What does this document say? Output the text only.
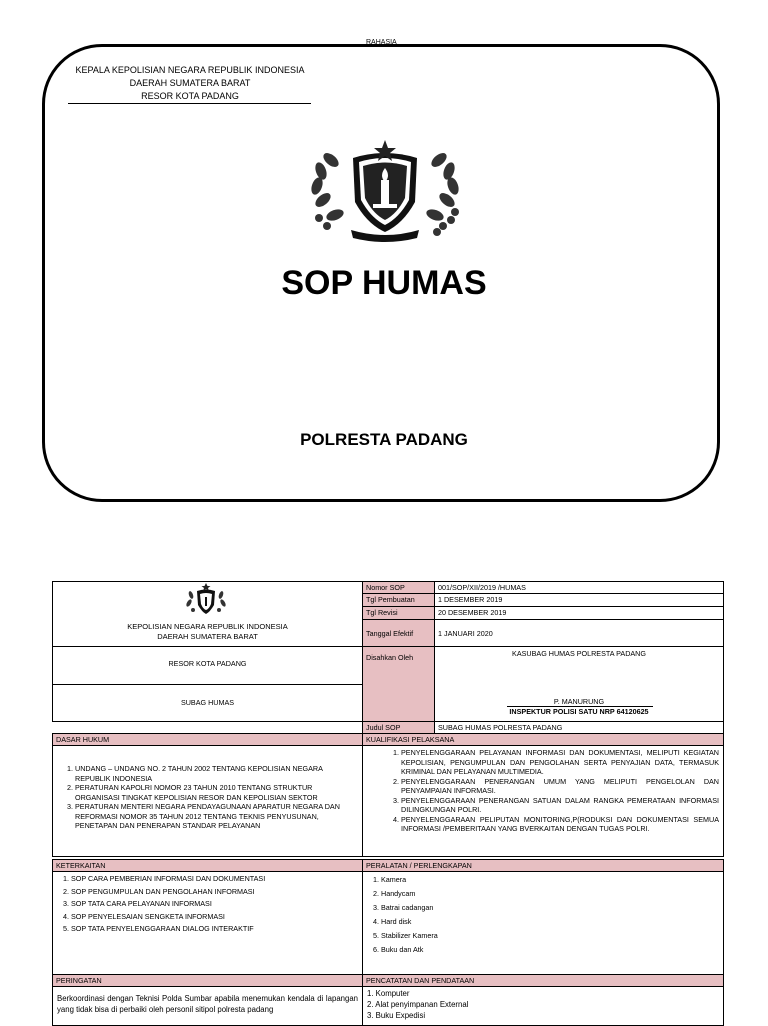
RAHASIA
KEPALA KEPOLISIAN NEGARA REPUBLIK INDONESIA
DAERAH SUMATERA BARAT
RESOR KOTA PADANG
SOP HUMAS
POLRESTA PADANG
KEPOLISIAN NEGARA REPUBLIK INDONESIA
DAERAH SUMATERA BARAT
RESOR KOTA PADANG
SUBAG HUMAS
Nomor SOP	001/SOP/XII/2019 /HUMAS
Tgl Pembuatan	1 DESEMBER 2019
Tgl Revisi	20 DESEMBER 2019
Tanggal Efektif	1 JANUARI 2020
Disahkan Oleh	KASUBAG HUMAS POLRESTA PADANG
P. MANURUNG
INSPEKTUR POLISI SATU NRP 64120625
Judul SOP	SUBAG HUMAS POLRESTA PADANG
DASAR HUKUM	KUALIFIKASI PELAKSANA
1. UNDANG – UNDANG NO. 2 TAHUN 2002 TENTANG KEPOLISIAN NEGARA REPUBLIK INDONESIA
2. PERATURAN KAPOLRI NOMOR 23 TAHUN 2010 TENTANG STRUKTUR ORGANISASI TINGKAT KEPOLISIAN RESOR DAN KEPOLISIAN SEKTOR
3. PERATURAN MENTERI NEGARA PENDAYAGUNAAN APARATUR NEGARA DAN REFORMASI NOMOR 35 TAHUN 2012 TENTANG TEKNIS PENYUSUNAN, PENETAPAN DAN PENERAPAN STANDAR PELAYANAN
1. PENYELENGGARAAN PELAYANAN INFORMASI DAN DOKUMENTASI, MELIPUTI KEGIATAN KEPOLISIAN, PENGUMPULAN DAN PENGOLAHAN SERTA PENYAJIAN DATA, TERMASUK KRIMINAL DAN PELAYANAN MULTIMEDIA.
2. PENYELENGGARAAN PENERANGAN UMUM YANG MELIPUTI PENGELOLAN DAN PENYAMPAIAN INFORMASI.
3. PENYELENGGARAAN PENERANGAN SATUAN DALAM RANGKA PEMERATAAN INFORMASI DILINGKUNGAN POLRI.
4. PENYELENGGARAAN PELIPUTAN MONITORING,P(RODUKSI DAN DOKUMENTASI SEMUA INFORMASI /PEMBERITAAN YANG BVERKAITAN DENGAN TUGAS POLRI.
KETERKAITAN	PERALATAN / PERLENGKAPAN
1. SOP CARA PEMBERIAN INFORMASI DAN DOKUMENTASI
2. SOP PENGUMPULAN DAN PENGOLAHAN INFORMASI
3. SOP TATA CARA PELAYANAN INFORMASI
4. SOP PENYELESAIAN SENGKETA INFORMASI
5. SOP TATA PENYELENGGARAAN DIALOG INTERAKTIF
1. Kamera
2. Handycam
3. Batrai cadangan
4. Hard disk
5. Stabilizer Kamera
6. Buku dan Atk
PERINGATAN	PENCATATAN DAN PENDATAAN
Berkoordinasi dengan Teknisi Polda Sumbar apabila menemukan kendala di lapangan yang tidak bisa di perbaiki oleh personil sitipol polresta padang
1. Komputer
2. Alat penyimpanan External
3. Buku Expedisi
